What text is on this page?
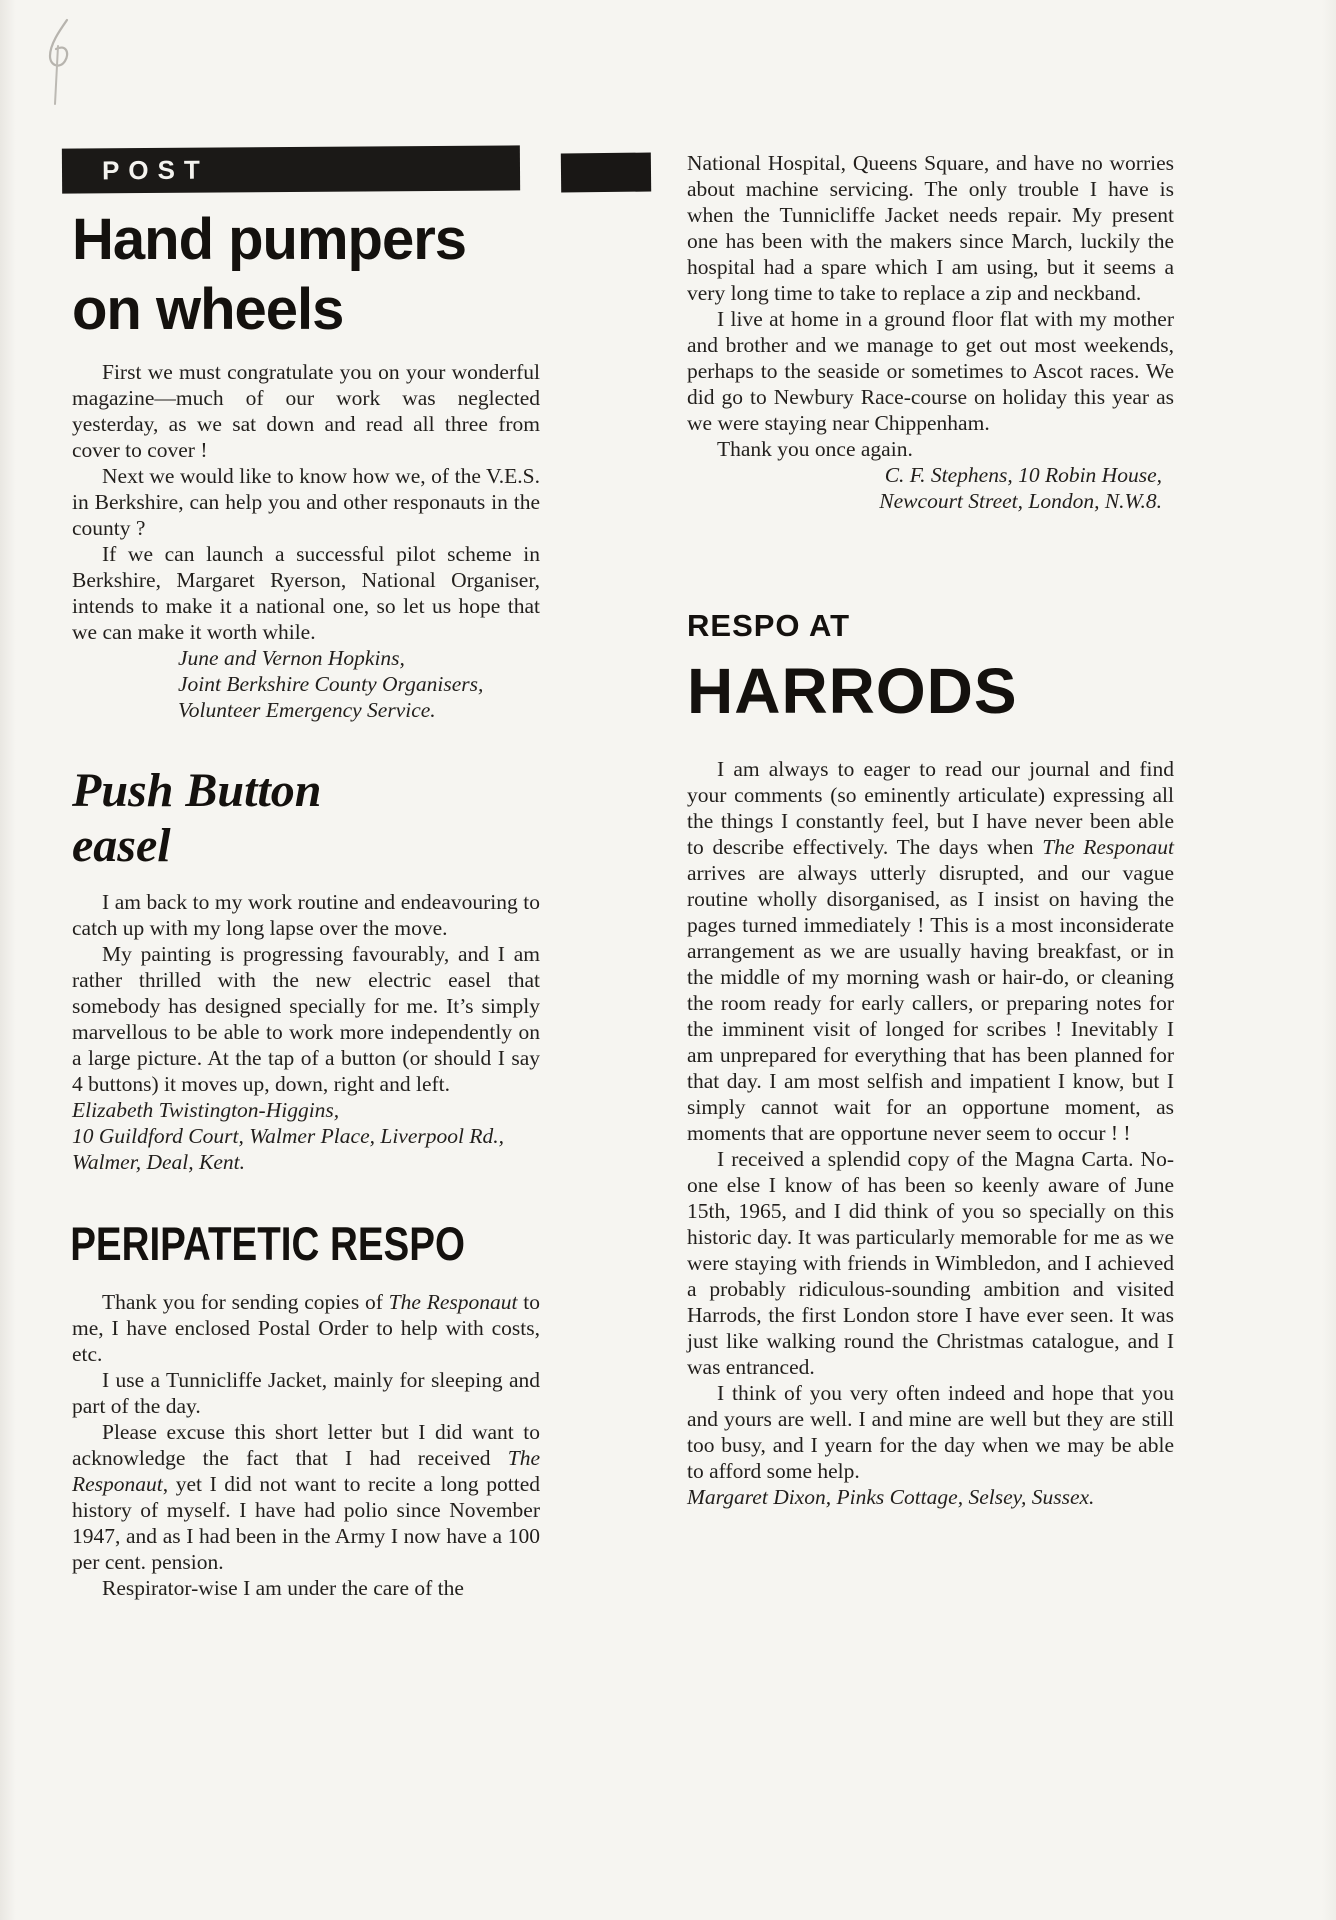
POST
Hand pumpers
on wheels

First we must congratulate you on your wonderful magazine—much of our work was neglected yesterday, as we sat down and read all three from cover to cover !

Next we would like to know how we, of the V.E.S. in Berkshire, can help you and other responauts in the county ?

If we can launch a successful pilot scheme in Berkshire, Margaret Ryerson, National Organiser, intends to make it a national one, so let us hope that we can make it worth while.

June and Vernon Hopkins,
Joint Berkshire County Organisers,
Volunteer Emergency Service.
Push Button
easel

I am back to my work routine and endeavouring to catch up with my long lapse over the move.

My painting is progressing favourably, and I am rather thrilled with the new electric easel that somebody has designed specially for me. It’s simply marvellous to be able to work more independently on a large picture. At the tap of a button (or should I say 4 buttons) it moves up, down, right and left.

Elizabeth Twistington-Higgins,
10 Guildford Court, Walmer Place, Liverpool Rd.,
Walmer, Deal, Kent.
PERIPATETIC RESPO

Thank you for sending copies of The Responaut to me, I have enclosed Postal Order to help with costs, etc.

I use a Tunnicliffe Jacket, mainly for sleeping and part of the day.

Please excuse this short letter but I did want to acknowledge the fact that I had received The Responaut, yet I did not want to recite a long potted history of myself. I have had polio since November 1947, and as I had been in the Army I now have a 100 per cent. pension.

Respirator-wise I am under the care of the

National Hospital, Queens Square, and have no worries about machine servicing. The only trouble I have is when the Tunnicliffe Jacket needs repair. My present one has been with the makers since March, luckily the hospital had a spare which I am using, but it seems a very long time to take to replace a zip and neckband.

I live at home in a ground floor flat with my mother and brother and we manage to get out most weekends, perhaps to the seaside or sometimes to Ascot races. We did go to Newbury Race-course on holiday this year as we were staying near Chippenham.

Thank you once again.

C. F. Stephens, 10 Robin House,
Newcourt Street, London, N.W.8.
RESPO AT
HARRODS

I am always to eager to read our journal and find your comments (so eminently articulate) expressing all the things I constantly feel, but I have never been able to describe effectively. The days when The Responaut arrives are always utterly disrupted, and our vague routine wholly disorganised, as I insist on having the pages turned immediately ! This is a most inconsiderate arrangement as we are usually having breakfast, or in the middle of my morning wash or hair-do, or cleaning the room ready for early callers, or preparing notes for the imminent visit of longed for scribes ! Inevitably I am unprepared for everything that has been planned for that day. I am most selfish and impatient I know, but I simply cannot wait for an opportune moment, as moments that are opportune never seem to occur ! !

I received a splendid copy of the Magna Carta. No-one else I know of has been so keenly aware of June 15th, 1965, and I did think of you so specially on this historic day. It was particularly memorable for me as we were staying with friends in Wimbledon, and I achieved a probably ridiculous-sounding ambition and visited Harrods, the first London store I have ever seen. It was just like walking round the Christmas catalogue, and I was entranced.

I think of you very often indeed and hope that you and yours are well. I and mine are well but they are still too busy, and I yearn for the day when we may be able to afford some help.

Margaret Dixon, Pinks Cottage, Selsey, Sussex.
